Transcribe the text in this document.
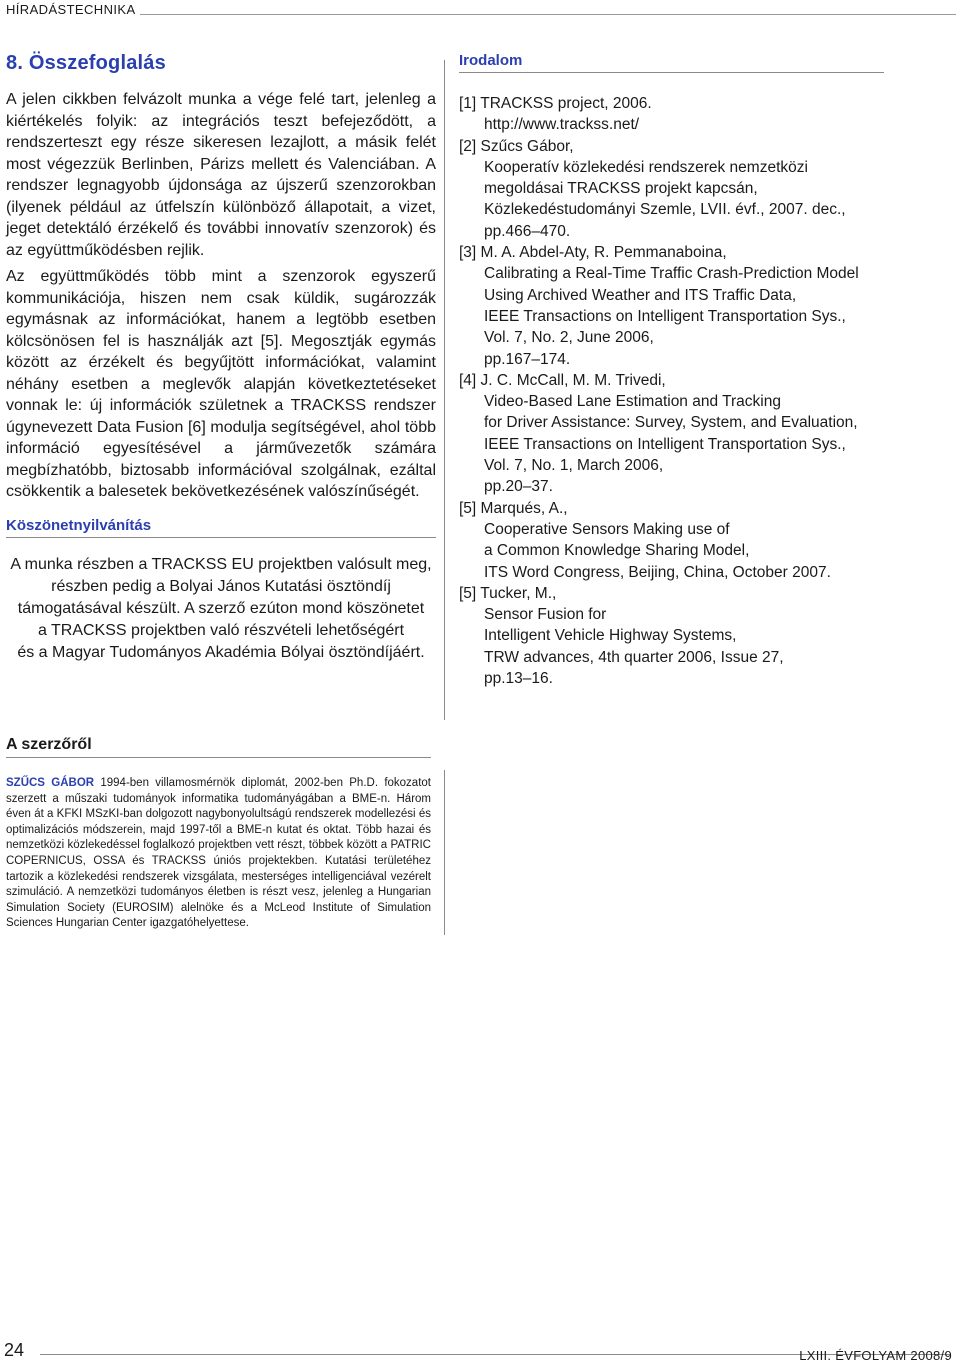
HÍRADÁSTECHNIKA
8. Összefoglalás

A jelen cikkben felvázolt munka a vége felé tart, jelenleg a kiértékelés folyik: az integrációs teszt befejeződött, a rendszerteszt egy része sikeresen lezajlott, a másik felét most végezzük Berlinben, Párizs mellett és Valenciában. A rendszer legnagyobb újdonsága az újszerű szenzorokban (ilyenek például az útfelszín különböző állapotait, a vizet, jeget detektáló érzékelő és további innovatív szenzorok) és az együttműködésben rejlik.

Az együttműködés több mint a szenzorok egyszerű kommunikációja, hiszen nem csak küldik, sugározzák egymásnak az információkat, hanem a legtöbb esetben kölcsönösen fel is használják azt [5]. Megosztják egymás között az érzékelt és begyűjtött információkat, valamint néhány esetben a meglevők alapján következtetéseket vonnak le: új információk születnek a TRACKSS rendszer úgynevezett Data Fusion [6] modulja segítségével, ahol több információ egyesítésével a járművezetők számára megbízhatóbb, biztosabb információval szolgálnak, ezáltal csökkentik a balesetek bekövetkezésének valószínűségét.

Köszönetnyilvánítás
A munka részben a TRACKSS EU projektben valósult meg,
részben pedig a Bolyai János Kutatási ösztöndíj
támogatásával készült. A szerző ezúton mond köszönetet
a TRACKSS projektben való részvételi lehetőségért
és a Magyar Tudományos Akadémia Bólyai ösztöndíjáért.
Irodalom
[1] TRACKSS project, 2006.
http://www.trackss.net/
[2] Szűcs Gábor,
Kooperatív közlekedési rendszerek nemzetközi
megoldásai TRACKSS projekt kapcsán,
Közlekedéstudományi Szemle, LVII. évf., 2007. dec.,
pp.466–470.
[3] M. A. Abdel-Aty, R. Pemmanaboina,
Calibrating a Real-Time Traffic Crash-Prediction Model
Using Archived Weather and ITS Traffic Data,
IEEE Transactions on Intelligent Transportation Sys.,
Vol. 7, No. 2, June 2006,
pp.167–174.
[4] J. C. McCall, M. M. Trivedi,
Video-Based Lane Estimation and Tracking
for Driver Assistance: Survey, System, and Evaluation,
IEEE Transactions on Intelligent Transportation Sys.,
Vol. 7, No. 1, March 2006,
pp.20–37.
[5] Marqués, A.,
Cooperative Sensors Making use of
a Common Knowledge Sharing Model,
ITS Word Congress, Beijing, China, October 2007.
[5] Tucker, M.,
Sensor Fusion for
Intelligent Vehicle Highway Systems,
TRW advances, 4th quarter 2006, Issue 27,
pp.13–16.
A szerzőről
SZŰCS GÁBOR 1994-ben villamosmérnök diplomát, 2002-ben Ph.D. fokozatot szerzett a műszaki tudományok informatika tudományágában a BME-n. Három éven át a KFKI MSzKI-ban dolgozott nagybonyolultságú rendszerek modellezési és optimalizációs módszerein, majd 1997-től a BME-n kutat és oktat. Több hazai és nemzetközi közlekedéssel foglalkozó projektben vett részt, többek között a PATRIC COPERNICUS, OSSA és TRACKSS úniós projektekben. Kutatási területéhez tartozik a közlekedési rendszerek vizsgálata, mesterséges intelligenciával vezérelt szimuláció. A nemzetközi tudományos életben is részt vesz, jelenleg a Hungarian Simulation Society (EUROSIM) alelnöke és a McLeod Institute of Simulation Sciences Hungarian Center igazgatóhelyettese.
24	LXIII. ÉVFOLYAM 2008/9
